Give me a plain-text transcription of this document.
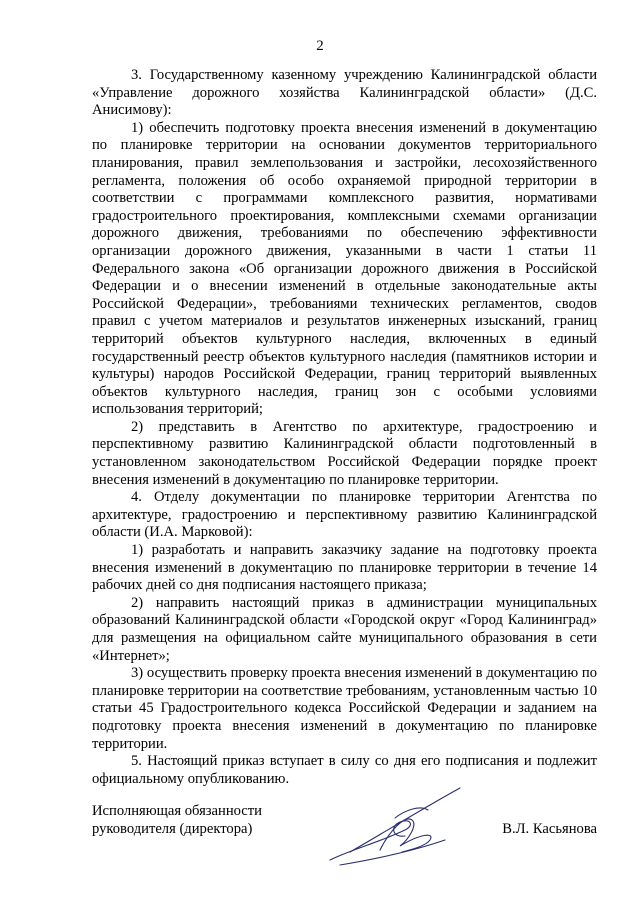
2

3. Государственному казенному учреждению Калининградской области «Управление дорожного хозяйства Калининградской области» (Д.С. Анисимову):

1) обеспечить подготовку проекта внесения изменений в документацию по планировке территории на основании документов территориального планирования, правил землепользования и застройки, лесохозяйственного регламента, положения об особо охраняемой природной территории в соответствии с программами комплексного развития, нормативами градостроительного проектирования, комплексными схемами организации дорожного движения, требованиями по обеспечению эффективности организации дорожного движения, указанными в части 1 статьи 11 Федерального закона «Об организации дорожного движения в Российской Федерации и о внесении изменений в отдельные законодательные акты Российской Федерации», требованиями технических регламентов, сводов правил с учетом материалов и результатов инженерных изысканий, границ территорий объектов культурного наследия, включенных в единый государственный реестр объектов культурного наследия (памятников истории и культуры) народов Российской Федерации, границ территорий выявленных объектов культурного наследия, границ зон с особыми условиями использования территорий;

2) представить в Агентство по архитектуре, градостроению и перспективному развитию Калининградской области подготовленный в установленном законодательством Российской Федерации порядке проект внесения изменений в документацию по планировке территории.

4. Отделу документации по планировке территории Агентства по архитектуре, градостроению и перспективному развитию Калининградской области (И.А. Марковой):

1) разработать и направить заказчику задание на подготовку проекта внесения изменений в документацию по планировке территории в течение 14 рабочих дней со дня подписания настоящего приказа;

2) направить настоящий приказ в администрации муниципальных образований Калининградской области «Городской округ «Город Калининград» для размещения на официальном сайте муниципального образования в сети «Интернет»;

3) осуществить проверку проекта внесения изменений в документацию по планировке территории на соответствие требованиям, установленным частью 10 статьи 45 Градостроительного кодекса Российской Федерации и заданием на подготовку проекта внесения изменений в документацию по планировке территории.

5. Настоящий приказ вступает в силу со дня его подписания и подлежит официальному опубликованию.

Исполняющая обязанности
руководителя (директора)	В.Л. Касьянова
